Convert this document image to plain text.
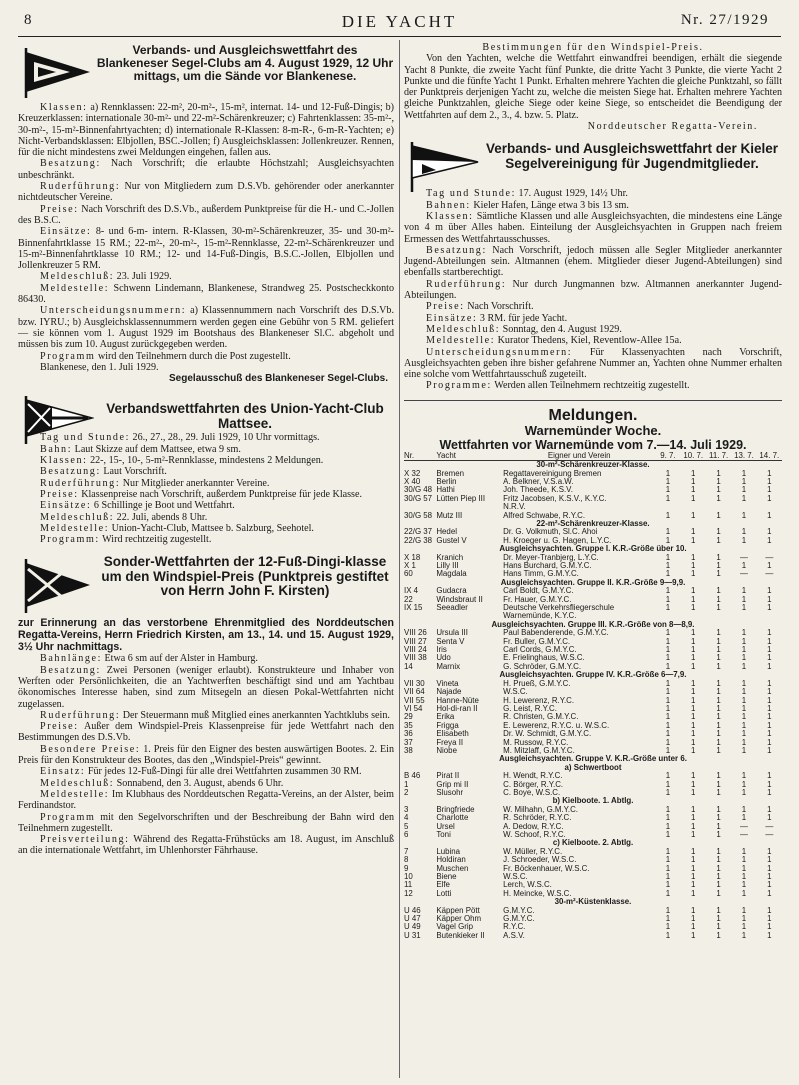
8	DIE YACHT	Nr. 27/1929
Verbands- und Ausgleichswettfahrt des Blankeneser Segel-Clubs am 4. August 1929, 12 Uhr mittags, um die Sände vor Blankenese.
Klassen: a) Rennklassen: 22-m², 20-m²-, 15-m², internat. 14- und 12-Fuß-Dingis; b) Kreuzerklassen: internationale 30-m²- und 22-m²-Schärenkreuzer; c) Fahrtenklassen: 35-m²-, 30-m²-, 15-m²-Binnenfahrtyachten; d) internationale R-Klassen: 8-m-R-, 6-m-R-Yachten; e) Nicht-Verbandsklassen: Elbjollen, BSC.-Jollen; f) Ausgleichsklassen: Jollenkreuzer. Rennen, für die nicht mindestens zwei Meldungen eingehen, fallen aus.
Besatzung: Nach Vorschrift; die erlaubte Höchstzahl; Ausgleichsyachten unbeschränkt.
Ruderführung: Nur von Mitgliedern zum D.S.Vb. gehörender oder anerkannter nichtdeutscher Vereine.
Preise: Nach Vorschrift des D.S.Vb., außerdem Punktpreise für die H.- und C.-Jollen des B.S.C.
Einsätze: 8- und 6-m- intern. R-Klassen, 30-m²-Schärenkreuzer, 35- und 30-m²-Binnenfahrtklasse 15 RM.; 22-m²-, 20-m²-, 15-m²-Rennklasse, 22-m²-Schärenkreuzer und 15-m²-Binnenfahrtklasse 10 RM.; 12- und 14-Fuß-Dingis, B.S.C.-Jollen, Elbjollen und Jollenkreuzer 5 RM.
Meldeschluß: 23. Juli 1929.
Meldestelle: Schwenn Lindemann, Blankenese, Strandweg 25. Postscheckkonto 86430.
Unterscheidungsnummern: a) Klassennummern nach Vorschrift des D.S.Vb. bzw. IYRU.; b) Ausgleichsklassennummern werden gegen eine Gebühr von 5 RM. geliefert — sie können vom 1. August 1929 im Bootshaus des Blankeneser Sl.C. abgeholt und müssen bis zum 10. August zurückgegeben werden.
Programm wird den Teilnehmern durch die Post zugestellt.
Blankenese, den 1. Juli 1929.
Segelausschuß des Blankeneser Segel-Clubs.
Verbandswettfahrten des Union-Yacht-Club Mattsee.
Tag und Stunde: 26., 27., 28., 29. Juli 1929, 10 Uhr vormittags.
Bahn: Laut Skizze auf dem Mattsee, etwa 9 sm.
Klassen: 22-, 15-, 10-, 5-m²-Rennklasse, mindestens 2 Meldungen.
Besatzung: Laut Vorschrift.
Ruderführung: Nur Mitglieder anerkannter Vereine.
Preise: Klassenpreise nach Vorschrift, außerdem Punktpreise für jede Klasse.
Einsätze: 6 Schillinge je Boot und Wettfahrt.
Meldeschluß: 22. Juli, abends 8 Uhr.
Meldestelle: Union-Yacht-Club, Mattsee b. Salzburg, Seehotel.
Programm: Wird rechtzeitig zugestellt.
Sonder-Wettfahrten der 12-Fuß-Dingi-klasse um den Windspiel-Preis (Punktpreis gestiftet von Herrn John F. Kirsten)
zur Erinnerung an das verstorbene Ehrenmitglied des Norddeutschen Regatta-Vereins, Herrn Friedrich Kirsten, am 13., 14. und 15. August 1929, 3½ Uhr nachmittags.
Bahnlänge: Etwa 6 sm auf der Alster in Hamburg.
Besatzung: Zwei Personen (weniger erlaubt). Konstrukteure und Inhaber von Werften oder Persönlichkeiten, die an Yachtwerften beschäftigt sind und am Yachtbau ökonomisches Interesse haben, sind zum Mitsegeln an diesen Pokal-Wettfahrten nicht zugelassen.
Ruderführung: Der Steuermann muß Mitglied eines anerkannten Yachtklubs sein.
Preise: Außer dem Windspiel-Preis Klassenpreise für jede Wettfahrt nach den Bestimmungen des D.S.Vb.
Besondere Preise: 1. Preis für den Eigner des besten auswärtigen Bootes. 2. Ein Preis für den Konstrukteur des Bootes, das den „Windspiel-Preis“ gewinnt.
Einsatz: Für jedes 12-Fuß-Dingi für alle drei Wettfahrten zusammen 30 RM.
Meldeschluß: Sonnabend, den 3. August, abends 6 Uhr.
Meldestelle: Im Klubhaus des Norddeutschen Regatta-Vereins, an der Alster, beim Ferdinandstor.
Programm mit den Segelvorschriften und der Beschreibung der Bahn wird den Teilnehmern zugestellt.
Preisverteilung: Während des Regatta-Frühstücks am 18. August, im Anschluß an die internationale Wettfahrt, im Uhlenhorster Fährhause.
Bestimmungen für den Windspiel-Preis.
Von den Yachten, welche die Wettfahrt einwandfrei beendigen, erhält die siegende Yacht 8 Punkte, die zweite Yacht fünf Punkte, die dritte Yacht 3 Punkte, die vierte Yacht 2 Punkte und die fünfte Yacht 1 Punkt. Erhalten mehrere Yachten die gleiche Punktzahl, so fällt der Punktpreis derjenigen Yacht zu, welche die meisten Siege hat. Erhalten mehrere Yachten gleiche Punktzahlen, gleiche Siege oder keine Siege, so entscheidet die Beendigung der Wettfahrten auf dem 2., 3., 4. bzw. 5. Platz.
Norddeutscher Regatta-Verein.
Verbands- und Ausgleichswettfahrt der Kieler Segelvereinigung für Jugendmitglieder.
Tag und Stunde: 17. August 1929, 14½ Uhr.
Bahnen: Kieler Hafen, Länge etwa 3 bis 13 sm.
Klassen: Sämtliche Klassen und alle Ausgleichsyachten, die mindestens eine Länge von 4 m über Alles haben. Einteilung der Ausgleichsyachten in Gruppen nach freiem Ermessen des Wettfahrtausschusses.
Besatzung: Nach Vorschrift, jedoch müssen alle Segler Mitglieder anerkannter Jugend-Abteilungen sein. Altmannen (ehem. Mitglieder dieser Jugend-Abteilungen) sind ebenfalls startberechtigt.
Ruderführung: Nur durch Jungmannen bzw. Altmannen anerkannter Jugend-Abteilungen.
Preise: Nach Vorschrift.
Einsätze: 3 RM. für jede Yacht.
Meldeschluß: Sonntag, den 4. August 1929.
Meldestelle: Kurator Thedens, Kiel, Reventlow-Allee 15a.
Unterscheidungsnummern: Für Klassenyachten nach Vorschrift, Ausgleichsyachten geben ihre bisher gefahrene Nummer an, Yachten ohne Nummer erhalten eine solche vom Wettfahrtausschuß zugeteilt.
Programme: Werden allen Teilnehmern rechtzeitig zugestellt.
Meldungen.
Warnemünder Woche.
Wettfahrten vor Warnemünde vom 7.—14. Juli 1929.
Nr.	Yacht	Eigner und Verein	9. 7.	10. 7.	11. 7.	13. 7.	14. 7.
30-m²-Schärenkreuzer-Klasse.							
X 32	Bremen	Regattavereinigung Bremen	1	1	1	1	1
X 40	Berlin	A. Belkner, V.S.a.W.	1	1	1	1	1
30/G 48	Hathi	Joh. Theede, K.S.V.	1	1	1	1	1
30/G 57	Lütten Piep III	Fritz Jacobsen, K.S.V., K.Y.C.	1	1	1	1	1
		N.R.V.					
30/G 58	Mutz III	Alfred Schwabe, R.Y.C.	1	1	1	1	1
22-m²-Schärenkreuzer-Klasse.							
22/G 37	Hedel	Dr. G. Volkmuth, Sl.C. Ahoi	1	1	1	1	1
22/G 38	Gustel V	H. Kroeger u. G. Hagen, L.Y.C.	1	1	1	1	1
Ausgleichsyachten. Gruppe I. K.R.-Größe über 10.							
X 18	Kranich	Dr. Meyer-Tranbjerg, L.Y.C.	1	1	1	—	—
X 1	Lilly III	Hans Burchard, G.M.Y.C.	1	1	1	1	1
60	Magdala	Hans Timm, G.M.Y.C.	1	1	1	—	—
Ausgleichsyachten. Gruppe II. K.R.-Größe 9—9,9.							
IX 4	Gudacra	Carl Boldt, G.M.Y.C.	1	1	1	1	1
22	Windsbraut II	Fr. Hauer, G.M.Y.C.	1	1	1	1	1
IX 15	Seeadler	Deutsche Verkehrsfliegerschule	1	1	1	1	1
		Warnemünde, K.Y.C.					
Ausgleichsyachten. Gruppe III. K.R.-Größe von 8—8,9.							
VIII 26	Ursula III	Paul Babenderende, G.M.Y.C.	1	1	1	1	1
VIII 27	Senta V	Fr. Buller, G.M.Y.C.	1	1	1	1	1
VIII 24	Iris	Carl Cords, G.M.Y.C.	1	1	1	1	1
VIII 38	Udo	E. Frielinghaus, W.S.C.	1	1	1	1	1
14	Marnix	G. Schröder, G.M.Y.C.	1	1	1	1	1
Ausgleichsyachten. Gruppe IV. K.R.-Größe 6—7,9.							
VII 30	Vineta	H. Prueß, G.M.Y.C.	1	1	1	1	1
VII 64	Najade	W.S.C.	1	1	1	1	1
VII 55	Hanne-Nüte	H. Lewerenz, R.Y.C.	1	1	1	1	1
VI 54	Hol-di-ran II	G. Leist, R.Y.C.	1	1	1	1	1
29	Erika	R. Christen, G.M.Y.C.	1	1	1	1	1
35	Frigga	E. Lewerenz, R.Y.C. u. W.S.C.	1	1	1	1	1
36	Elisabeth	Dr. W. Schmidt, G.M.Y.C.	1	1	1	1	1
37	Freya II	M. Russow, R.Y.C.	1	1	1	1	1
38	Niobe	M. Mitzlaff, G.M.Y.C.	1	1	1	1	1
Ausgleichsyachten. Gruppe V. K.R.-Größe unter 6.							
a) Schwertboot							
B 46	Pirat II	H. Wendt, R.Y.C.	1	1	1	1	1
1	Grip mi II	C. Börger, R.Y.C.	1	1	1	1	1
2	Slusohr	C. Boye, W.S.C.	1	1	1	1	1
b) Kielboote. 1. Abtlg.							
3	Bringfriede	W. Milhahn, G.M.Y.C.	1	1	1	1	1
4	Charlotte	R. Schröder, R.Y.C.	1	1	1	1	1
5	Ursel	A. Dedow, R.Y.C.	1	1	1	—	—
6	Toni	W. Schoof, R.Y.C.	1	1	1	—	—
c) Kielboote. 2. Abtlg.							
7	Lubina	W. Müller, R.Y.C.	1	1	1	1	1
8	Holdiran	J. Schroeder, W.S.C.	1	1	1	1	1
9	Muschen	Fr. Böckenhauer, W.S.C.	1	1	1	1	1
10	Biene	W.S.C.	1	1	1	1	1
11	Elfe	Lerch, W.S.C.	1	1	1	1	1
12	Lotti	H. Meincke, W.S.C.	1	1	1	1	1
30-m²-Küstenklasse.							
U 46	Käppen Pött	G.M.Y.C.	1	1	1	1	1
U 47	Käpper Ohm	G.M.Y.C.	1	1	1	1	1
U 49	Vagel Grip	R.Y.C.	1	1	1	1	1
U 31	Butenkieker II	A.S.V.	1	1	1	1	1
